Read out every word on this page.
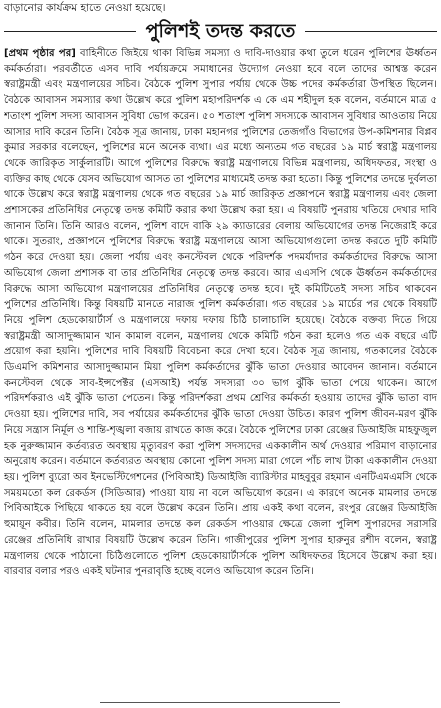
বাড়ানোর কার্যক্রম হাতে নেওয়া হয়েছে।
পুলিশই তদন্ত করতে

[প্রথম পৃষ্ঠার পর] বাহিনীতে জিইয়ে থাকা বিভিন্ন সমস্যা ও দাবি-দাওয়ার কথা তুলে ধরেন পুলিশের ঊর্ধ্বতন কর্মকর্তারা। পরবর্তীতে এসব দাবি পর্যায়ক্রমে সমাধানের উদ্যোগ নেওয়া হবে বলে তাদের আশ্বস্ত করেন স্বরাষ্ট্রমন্ত্রী এবং মন্ত্রণালয়ের সচিব। বৈঠকে পুলিশ সুপার পর্যায় থেকে উচ্চ পদের কর্মকর্তারা উপস্থিত ছিলেন। বৈঠকে আবাসন সমস্যার কথা উল্লেখ করে পুলিশ মহাপরিদর্শক এ কে এম শহীদুল হক বলেন, বর্তমানে মাত্র ৫ শতাংশ পুলিশ সদস্য আবাসন সুবিধা ভোগ করেন। ৫০ শতাংশ পুলিশ সদস্যকে আবাসন সুবিধার আওতায় নিয়ে আসার দাবি করেন তিনি। বৈঠক সূত্র জানায়, ঢাকা মহানগর পুলিশের তেজগাঁও বিভাগের উপ-কমিশনার বিপ্লব কুমার সরকার বলেছেন, পুলিশের মনে অনেক ব্যথা। এর মধ্যে অন্যতম গত বছরের ১৯ মার্চ স্বরাষ্ট্র মন্ত্রণালয় থেকে জারিকৃত সার্কুলারটি। আগে পুলিশের বিরুদ্ধে স্বরাষ্ট্র মন্ত্রণালয়ে বিভিন্ন মন্ত্রণালয়, অধিদফতর, সংস্থা ও ব্যক্তির কাছ থেকে যেসব অভিযোগ আসত তা পুলিশের মাধ্যমেই তদন্ত করা হতো। কিন্তু পুলিশের তদন্তে দুর্বলতা থাকে উল্লেখ করে স্বরাষ্ট্র মন্ত্রণালয় থেকে গত বছরের ১৯ মার্চ জারিকৃত প্রজ্ঞাপনে স্বরাষ্ট্র মন্ত্রণালয় এবং জেলা প্রশাসকের প্রতিনিধির নেতৃত্বে তদন্ত কমিটি করার কথা উল্লেখ করা হয়। এ বিষয়টি পুনরায় খতিয়ে দেখার দাবি জানান তিনি। তিনি আরও বলেন, পুলিশ বাদে বাকি ২৯ ক্যাডারের বেলায় অভিযোগের তদন্ত নিজেরাই করে থাকে। সুতরাং, প্রজ্ঞাপনে পুলিশের বিরুদ্ধে স্বরাষ্ট্র মন্ত্রণালয়ে আসা অভিযোগগুলো তদন্ত করতে দুটি কমিটি গঠন করে দেওয়া হয়। জেলা পর্যায় এবং কনস্টেবল থেকে পরিদর্শক পদমর্যাদার কর্মকর্তাদের বিরুদ্ধে আসা অভিযোগ জেলা প্রশাসক বা তার প্রতিনিধির নেতৃত্বে তদন্ত করবে। আর এএসপি থেকে ঊর্ধ্বতন কর্মকর্তাদের বিরুদ্ধে আসা অভিযোগ মন্ত্রণালয়ের প্রতিনিধির নেতৃত্বে তদন্ত হবে। দুই কমিটিতেই সদস্য সচিব থাকবেন পুলিশের প্রতিনিধি। কিন্তু বিষয়টি মানতে নারাজ পুলিশ কর্মকর্তারা। গত বছরের ১৯ মার্চের পর থেকে বিষয়টি নিয়ে পুলিশ হেডকোয়ার্টার্স ও মন্ত্রণালয়ে দফায় দফায় চিঠি চালাচালি হয়েছে। বৈঠকে বক্তব্য দিতে গিয়ে স্বরাষ্ট্রমন্ত্রী আসাদুজ্জামান খান কামাল বলেন, মন্ত্রণালয় থেকে কমিটি গঠন করা হলেও গত এক বছরে এটি প্রয়োগ করা হয়নি। পুলিশের দাবি বিষয়টি বিবেচনা করে দেখা হবে। বৈঠক সূত্র জানায়, গতকালের বৈঠকে ডিএমপি কমিশনার আসাদুজ্জামান মিয়া পুলিশ কর্মকর্তাদের ঝুঁকি ভাতা দেওয়ার আবেদন জানান। বর্তমানে কনস্টেবল থেকে সাব-ইন্সপেক্টর (এসআই) পর্যন্ত সদস্যরা ৩০ ভাগ ঝুঁকি ভাতা পেয়ে থাকেন। আগে পরিদর্শকরাও এই ঝুঁকি ভাতা পেতেন। কিন্তু পরিদর্শকরা প্রথম শ্রেণির কর্মকর্তা হওয়ায় তাদের ঝুঁকি ভাতা বাদ দেওয়া হয়। পুলিশের দাবি, সব পর্যায়ের কর্মকর্তাদের ঝুঁকি ভাতা দেওয়া উচিত। কারণ পুলিশ জীবন-মরণ ঝুঁকি নিয়ে সন্ত্রাস নির্মূল ও শান্তি-শৃঙ্খলা বজায় রাখতে কাজ করে। বৈঠকে পুলিশের ঢাকা রেঞ্জের ডিআইজি মাহফুজুল হক নুরুজ্জামান কর্তব্যরত অবস্থায় মৃত্যুবরণ করা পুলিশ সদস্যদের এককালীন অর্থ দেওয়ার পরিমাণ বাড়ানোর অনুরোধ করেন। বর্তমানে কর্তব্যরত অবস্থায় কোনো পুলিশ সদস্য মারা গেলে পাঁচ লাখ টাকা এককালীন দেওয়া হয়। পুলিশ ব্যুরো অব ইনভেস্টিগেশনের (পিবিআই) ডিআইজি ব্যারিস্টার মাহবুবুর রহমান এনটিএমএমসি থেকে সময়মতো কল রেকর্ডস (সিডিআর) পাওয়া যায় না বলে অভিযোগ করেন। এ কারণে অনেক মামলার তদন্তে পিবিআইকে পিছিয়ে থাকতে হয় বলে উল্লেখ করেন তিনি। প্রায় একই কথা বলেন, রংপুর রেঞ্জের ডিআইজি হুমায়ূন কবীর। তিনি বলেন, মামলার তদন্তে কল রেকর্ডস পাওয়ার ক্ষেত্রে জেলা পুলিশ সুপারদের সরাসরি রেঞ্জের প্রতিনিধি রাখার বিষয়টি উল্লেখ করেন তিনি। গাজীপুরের পুলিশ সুপার হারুনুর রশীদ বলেন, স্বরাষ্ট্র মন্ত্রণালয় থেকে পাঠানো চিঠিগুলোতে পুলিশ হেডকোয়ার্টার্সকে পুলিশ অধিদফতর হিসেবে উল্লেখ করা হয়। বারবার বলার পরও একই ঘটনার পুনরাবৃত্তি হচ্ছে বলেও অভিযোগ করেন তিনি।
